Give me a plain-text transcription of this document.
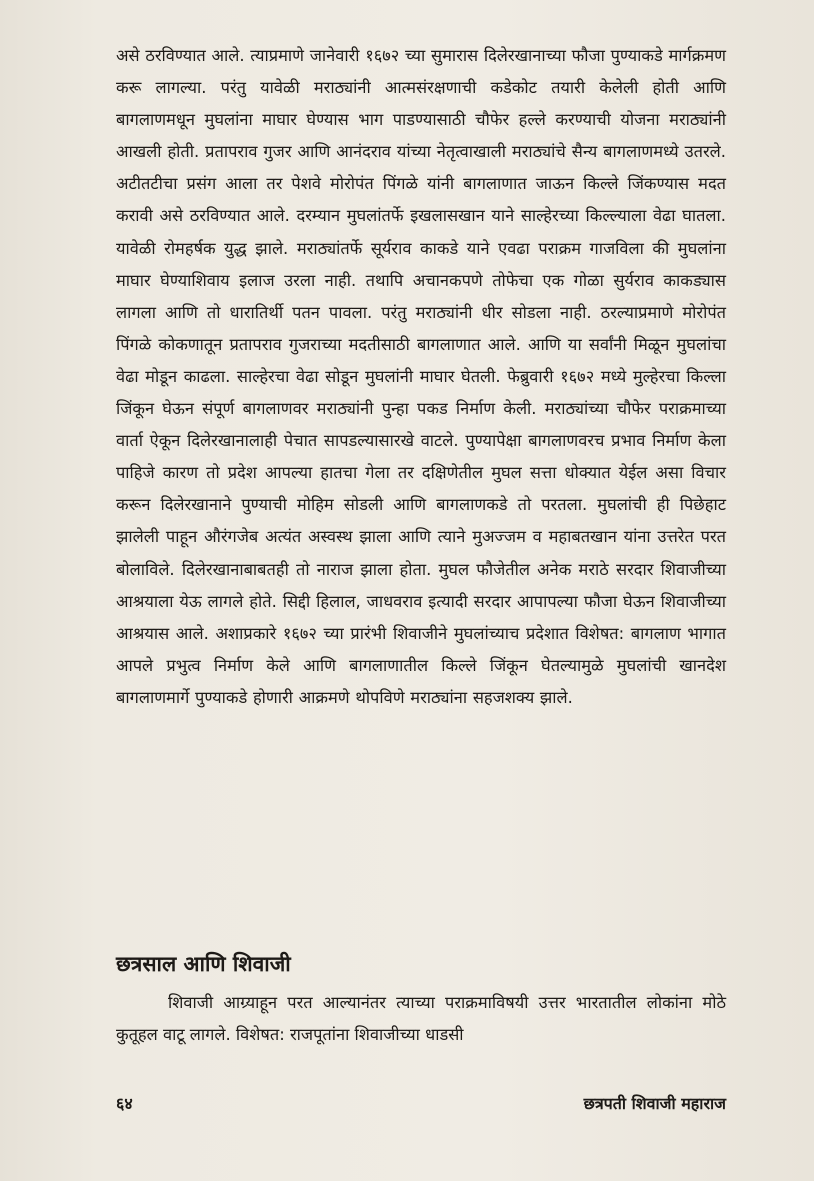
असे ठरविण्यात आले. त्याप्रमाणे जानेवारी १६७२ च्या सुमारास दिलेरखानाच्या फौजा पुण्याकडे मार्गक्रमण करू लागल्या. परंतु यावेळी मराठ्यांनी आत्मसंरक्षणाची कडेकोट तयारी केलेली होती आणि बागलाणमधून मुघलांना माघार घेण्यास भाग पाडण्यासाठी चौफेर हल्ले करण्याची योजना मराठ्यांनी आखली होती. प्रतापराव गुजर आणि आनंदराव यांच्या नेतृत्वाखाली मराठ्यांचे सैन्य बागलाणमध्ये उतरले. अटीतटीचा प्रसंग आला तर पेशवे मोरोपंत पिंगळे यांनी बागलाणात जाऊन किल्ले जिंकण्यास मदत करावी असे ठरविण्यात आले. दरम्यान मुघलांतर्फे इखलासखान याने साल्हेरच्या किल्ल्याला वेढा घातला. यावेळी रोमहर्षक युद्ध झाले. मराठ्यांतर्फे सूर्यराव काकडे याने एवढा पराक्रम गाजविला की मुघलांना माघार घेण्याशिवाय इलाज उरला नाही. तथापि अचानकपणे तोफेचा एक गोळा सुर्यराव काकड्यास लागला आणि तो धारातिर्थी पतन पावला. परंतु मराठ्यांनी धीर सोडला नाही. ठरल्याप्रमाणे मोरोपंत पिंगळे कोकणातून प्रतापराव गुजराच्या मदतीसाठी बागलाणात आले. आणि या सर्वांनी मिळून मुघलांचा वेढा मोडून काढला. साल्हेरचा वेढा सोडून मुघलांनी माघार घेतली. फेब्रुवारी १६७२ मध्ये मुल्हेरचा किल्ला जिंकून घेऊन संपूर्ण बागलाणवर मराठ्यांनी पुन्हा पकड निर्माण केली. मराठ्यांच्या चौफेर पराक्रमाच्या वार्ता ऐकून दिलेरखानालाही पेचात सापडल्यासारखे वाटले. पुण्यापेक्षा बागलाणवरच प्रभाव निर्माण केला पाहिजे कारण तो प्रदेश आपल्या हातचा गेला तर दक्षिणेतील मुघल सत्ता धोक्यात येईल असा विचार करून दिलेरखानाने पुण्याची मोहिम सोडली आणि बागलाणकडे तो परतला. मुघलांची ही पिछेहाट झालेली पाहून औरंगजेब अत्यंत अस्वस्थ झाला आणि त्याने मुअज्जम व महाबतखान यांना उत्तरेत परत बोलाविले. दिलेरखानाबाबतही तो नाराज झाला होता. मुघल फौजेतील अनेक मराठे सरदार शिवाजीच्या आश्रयाला येऊ लागले होते. सिद्दी हिलाल, जाधवराव इत्यादी सरदार आपापल्या फौजा घेऊन शिवाजीच्या आश्रयास आले. अशाप्रकारे १६७२ च्या प्रारंभी शिवाजीने मुघलांच्याच प्रदेशात विशेषत: बागलाण भागात आपले प्रभुत्व निर्माण केले आणि बागलाणातील किल्ले जिंकून घेतल्यामुळे मुघलांची खानदेश बागलाणमार्गे पुण्याकडे होणारी आक्रमणे थोपविणे मराठ्यांना सहजशक्य झाले.

छत्रसाल आणि शिवाजी

शिवाजी आग्र्याहून परत आल्यानंतर त्याच्या पराक्रमाविषयी उत्तर भारतातील लोकांना मोठे कुतूहल वाटू लागले. विशेषत: राजपूतांना शिवाजीच्या धाडसी

६४	छत्रपती शिवाजी महाराज
